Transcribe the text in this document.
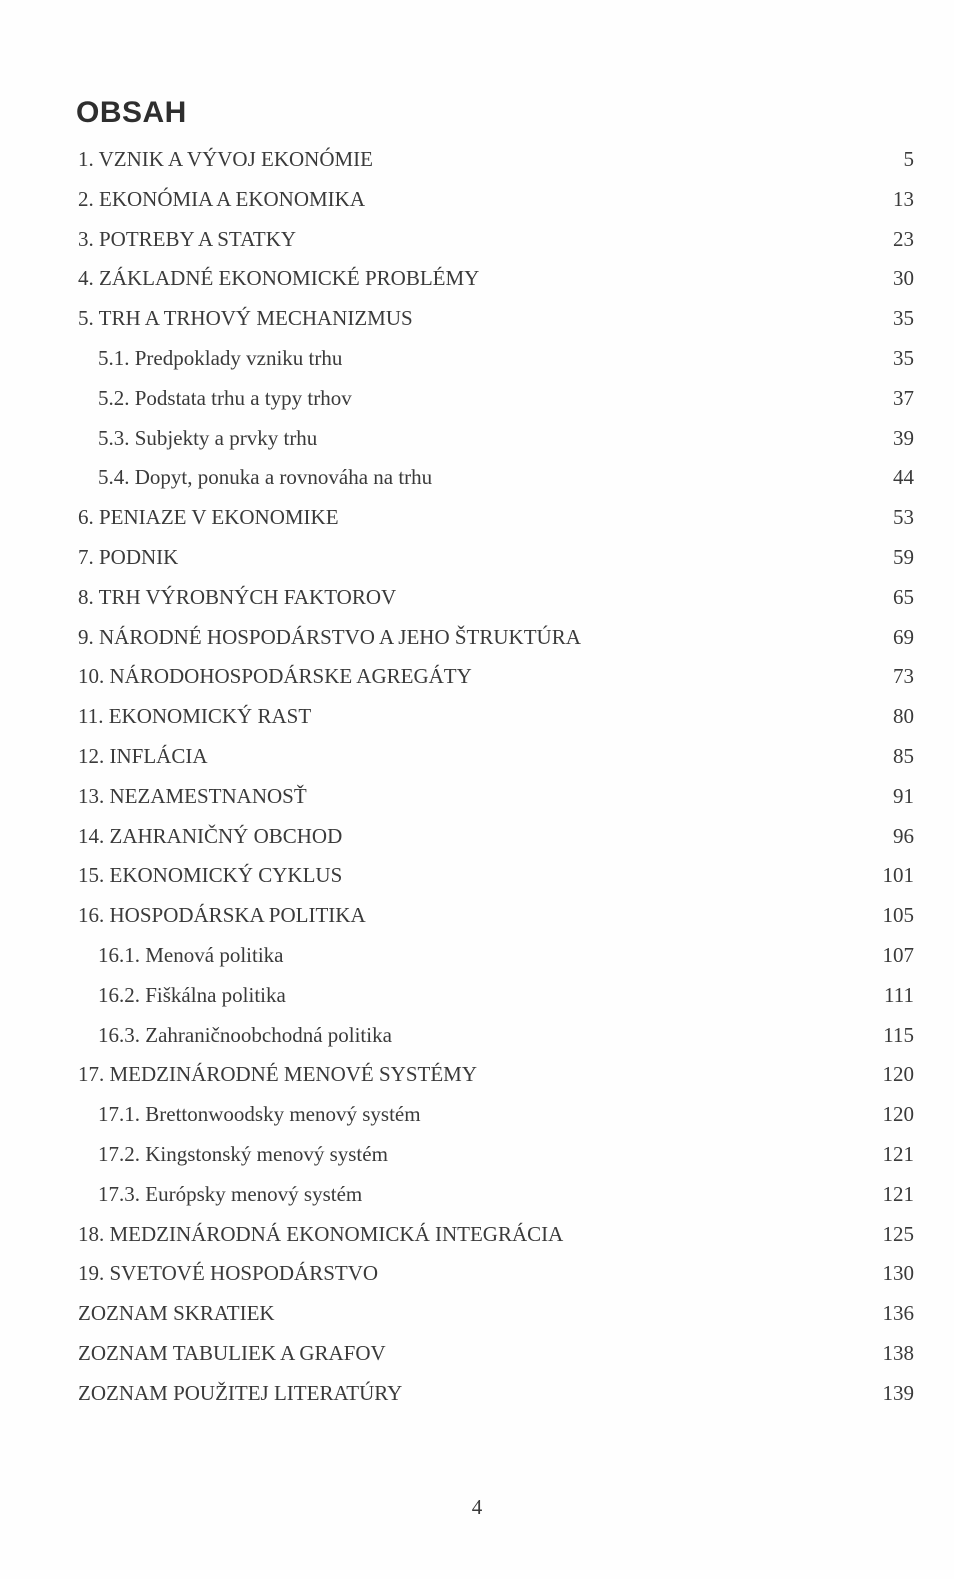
OBSAH
1. VZNIK A VÝVOJ EKONÓMIE .....	5
2. EKONÓMIA A EKONOMIKA .....	13
3. POTREBY A STATKY .....	23
4. ZÁKLADNÉ EKONOMICKÉ PROBLÉMY .....	30
5. TRH A TRHOVÝ MECHANIZMUS .....	35
5.1. Predpoklady vzniku trhu .....	35
5.2. Podstata trhu a typy trhov .....	37
5.3. Subjekty a prvky trhu .....	39
5.4. Dopyt, ponuka a rovnováha na trhu .....	44
6. PENIAZE V EKONOMIKE .....	53
7. PODNIK .....	59
8. TRH VÝROBNÝCH FAKTOROV .....	65
9. NÁRODNÉ HOSPODÁRSTVO A JEHO ŠTRUKTÚRA .....	69
10. NÁRODOHOSPODÁRSKE AGREGÁTY .....	73
11. EKONOMICKÝ RAST .....	80
12. INFLÁCIA .....	85
13. NEZAMESTNANOSŤ .....	91
14. ZAHRANIČNÝ OBCHOD .....	96
15. EKONOMICKÝ CYKLUS .....	101
16. HOSPODÁRSKA POLITIKA .....	105
16.1. Menová politika .....	107
16.2. Fiškálna politika .....	111
16.3. Zahraničnoobchodná politika .....	115
17. MEDZINÁRODNÉ MENOVÉ SYSTÉMY .....	120
17.1. Brettonwoodsky menový systém .....	120
17.2. Kingstonský menový systém .....	121
17.3. Európsky menový systém .....	121
18. MEDZINÁRODNÁ EKONOMICKÁ INTEGRÁCIA .....	125
19. SVETOVÉ HOSPODÁRSTVO .....	130
ZOZNAM SKRATIEK .....	136
ZOZNAM TABULIEK A GRAFOV .....	138
ZOZNAM POUŽITEJ LITERATÚRY .....	139
4
